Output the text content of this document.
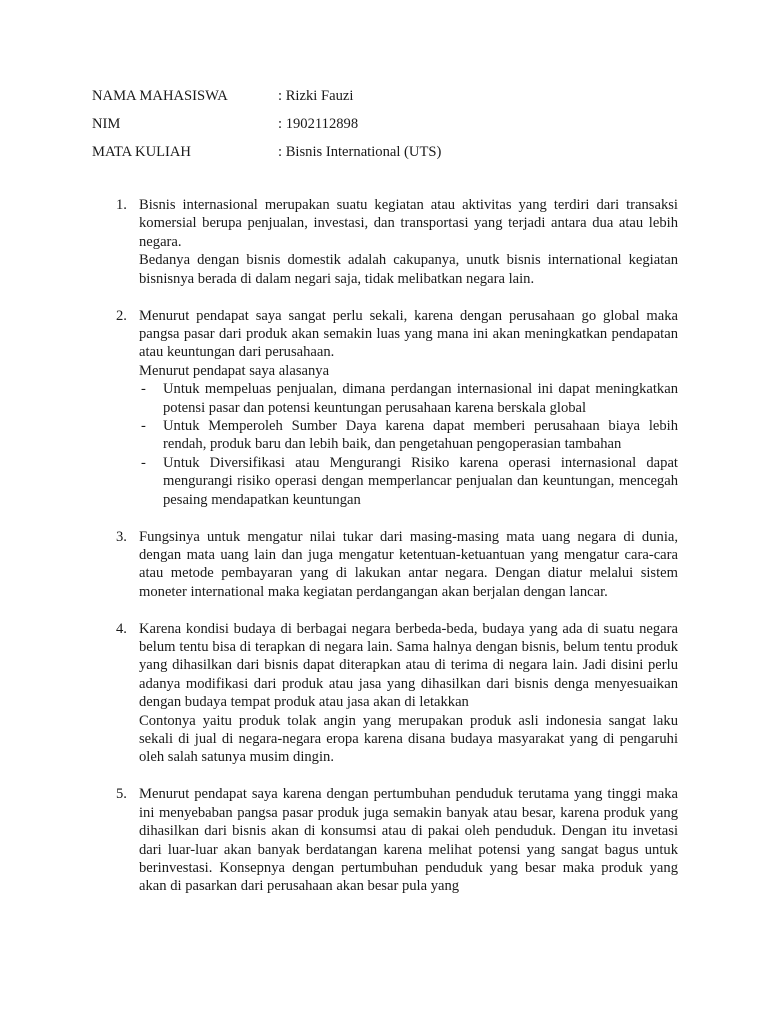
NAMA MAHASISWA	: Rizki Fauzi
NIM	: 1902112898
MATA KULIAH	: Bisnis International (UTS)
1. Bisnis internasional merupakan suatu kegiatan atau aktivitas yang terdiri dari transaksi komersial berupa penjualan, investasi, dan transportasi yang terjadi antara dua atau lebih negara.

Bedanya dengan bisnis domestik adalah cakupanya, unutk bisnis international kegiatan bisnisnya berada di dalam negari saja, tidak melibatkan negara lain.

2. Menurut pendapat saya sangat perlu sekali, karena dengan perusahaan go global maka pangsa pasar dari produk akan semakin luas yang mana ini akan meningkatkan pendapatan atau keuntungan dari perusahaan.

Menurut pendapat saya alasanya

- Untuk mempeluas penjualan, dimana perdangan internasional ini dapat meningkatkan potensi pasar dan potensi keuntungan perusahaan karena berskala global

- Untuk Memperoleh Sumber Daya karena dapat memberi perusahaan biaya lebih rendah, produk baru dan lebih baik, dan pengetahuan pengoperasian tambahan

- Untuk Diversifikasi atau Mengurangi Risiko karena operasi internasional dapat mengurangi risiko operasi dengan memperlancar penjualan dan keuntungan, mencegah pesaing mendapatkan keuntungan

3. Fungsinya untuk mengatur nilai tukar dari masing-masing mata uang negara di dunia, dengan mata uang lain dan juga mengatur ketentuan-ketuantuan yang mengatur cara-cara atau metode pembayaran yang di lakukan antar negara. Dengan diatur melalui sistem moneter international maka kegiatan perdangangan akan berjalan dengan lancar.

4. Karena kondisi budaya di berbagai negara berbeda-beda, budaya yang ada di suatu negara belum tentu bisa di terapkan di negara lain. Sama halnya dengan bisnis, belum tentu produk yang dihasilkan dari bisnis dapat diterapkan atau di terima di negara lain. Jadi disini perlu adanya modifikasi dari produk atau jasa yang dihasilkan dari bisnis denga menyesuaikan dengan budaya tempat produk atau jasa akan di letakkan

Contonya yaitu produk tolak angin yang merupakan produk asli indonesia sangat laku sekali di jual di negara-negara eropa karena disana budaya masyarakat yang di pengaruhi oleh salah satunya musim dingin.

5. Menurut pendapat saya karena dengan pertumbuhan penduduk terutama yang tinggi maka ini menyebaban pangsa pasar produk juga semakin banyak atau besar, karena produk yang dihasilkan dari bisnis akan di konsumsi atau di pakai oleh penduduk. Dengan itu invetasi dari luar-luar akan banyak berdatangan karena melihat potensi yang sangat bagus untuk berinvestasi. Konsepnya dengan pertumbuhan penduduk yang besar maka produk yang akan di pasarkan dari perusahaan akan besar pula yang
